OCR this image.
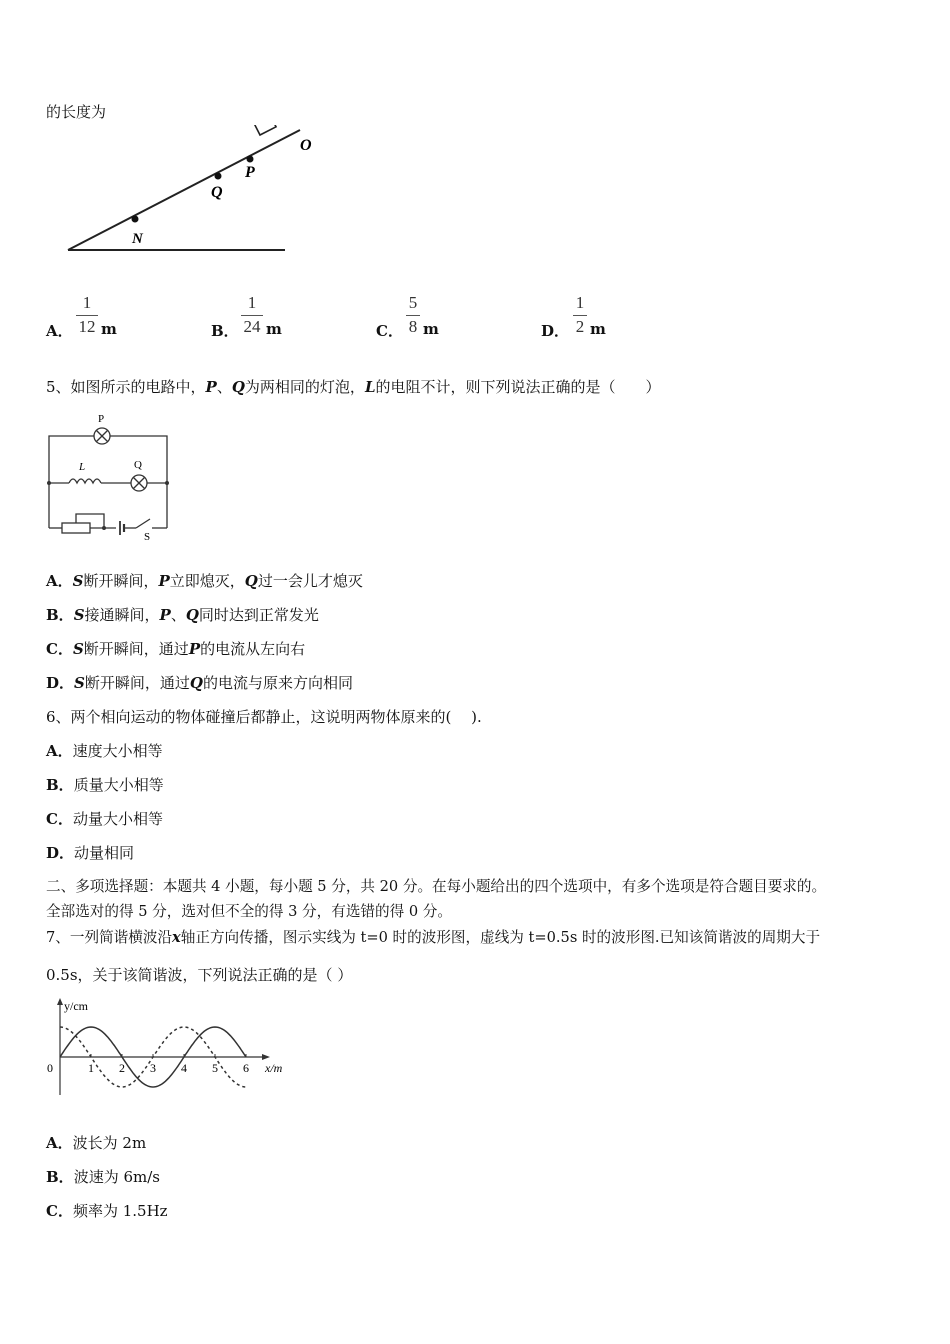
的长度为
O
P
Q
N
A．
1
12 m	B．
1
24 m	C．
5
8 m	D．
1
2 m
5、如图所示的电路中，P、Q为两相同的灯泡，L的电阻不计，则下列说法正确的是（　　）
P
L	Q
S
A．S断开瞬间，P立即熄灭，Q过一会儿才熄灭
B．S接通瞬间，P、Q同时达到正常发光
C．S断开瞬间，通过P的电流从左向右
D．S断开瞬间，通过Q的电流与原来方向相同
6、两个相向运动的物体碰撞后都静止，这说明两物体原来的(　 ).
A．速度大小相等
B．质量大小相等
C．动量大小相等
D．动量相同
二、多项选择题：本题共 4 小题，每小题 5 分，共 20 分。在每小题给出的四个选项中，有多个选项是符合题目要求的。
全部选对的得 5 分，选对但不全的得 3 分，有选错的得 0 分。
7、一列简谐横波沿x轴正方向传播，图示实线为 t=0 时的波形图，虚线为 t=0.5s 时的波形图.已知该简谐波的周期大于
0.5s，关于该简谐波，下列说法正确的是（ ）
1 2 3 4 5 6
y/cm
x/m
0
A．波长为 2m
B．波速为 6m/s
C．频率为 1.5Hz
